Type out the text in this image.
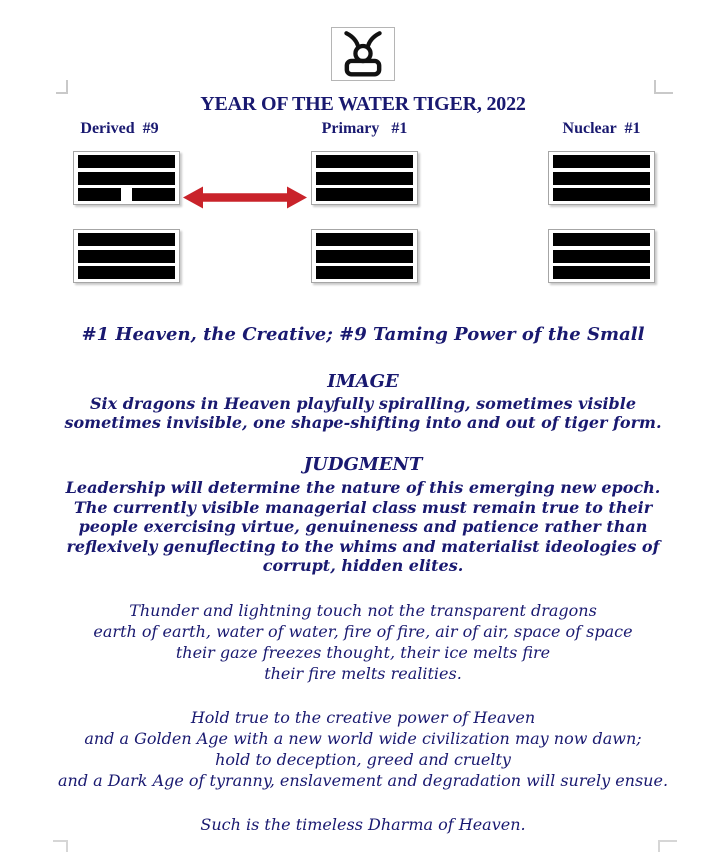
YEAR OF THE WATER TIGER, 2022
Derived  #9	Primary   #1	Nuclear  #1
#1 Heaven, the Creative; #9 Taming Power of the Small
IMAGE
Six dragons in Heaven playfully spiralling, sometimes visible
sometimes invisible, one shape-shifting into and out of tiger form.
JUDGMENT
Leadership will determine the nature of this emerging new epoch.
The currently visible managerial class must remain true to their
people exercising virtue, genuineness and patience rather than
reflexively genuflecting to the whims and materialist ideologies of
corrupt, hidden elites.
Thunder and lightning touch not the transparent dragons
earth of earth, water of water, fire of fire, air of air, space of space
their gaze freezes thought, their ice melts fire
their fire melts realities.
Hold true to the creative power of Heaven
and a Golden Age with a new world wide civilization may now dawn;
hold to deception, greed and cruelty
and a Dark Age of tyranny, enslavement and degradation will surely ensue.
Such is the timeless Dharma of Heaven.
